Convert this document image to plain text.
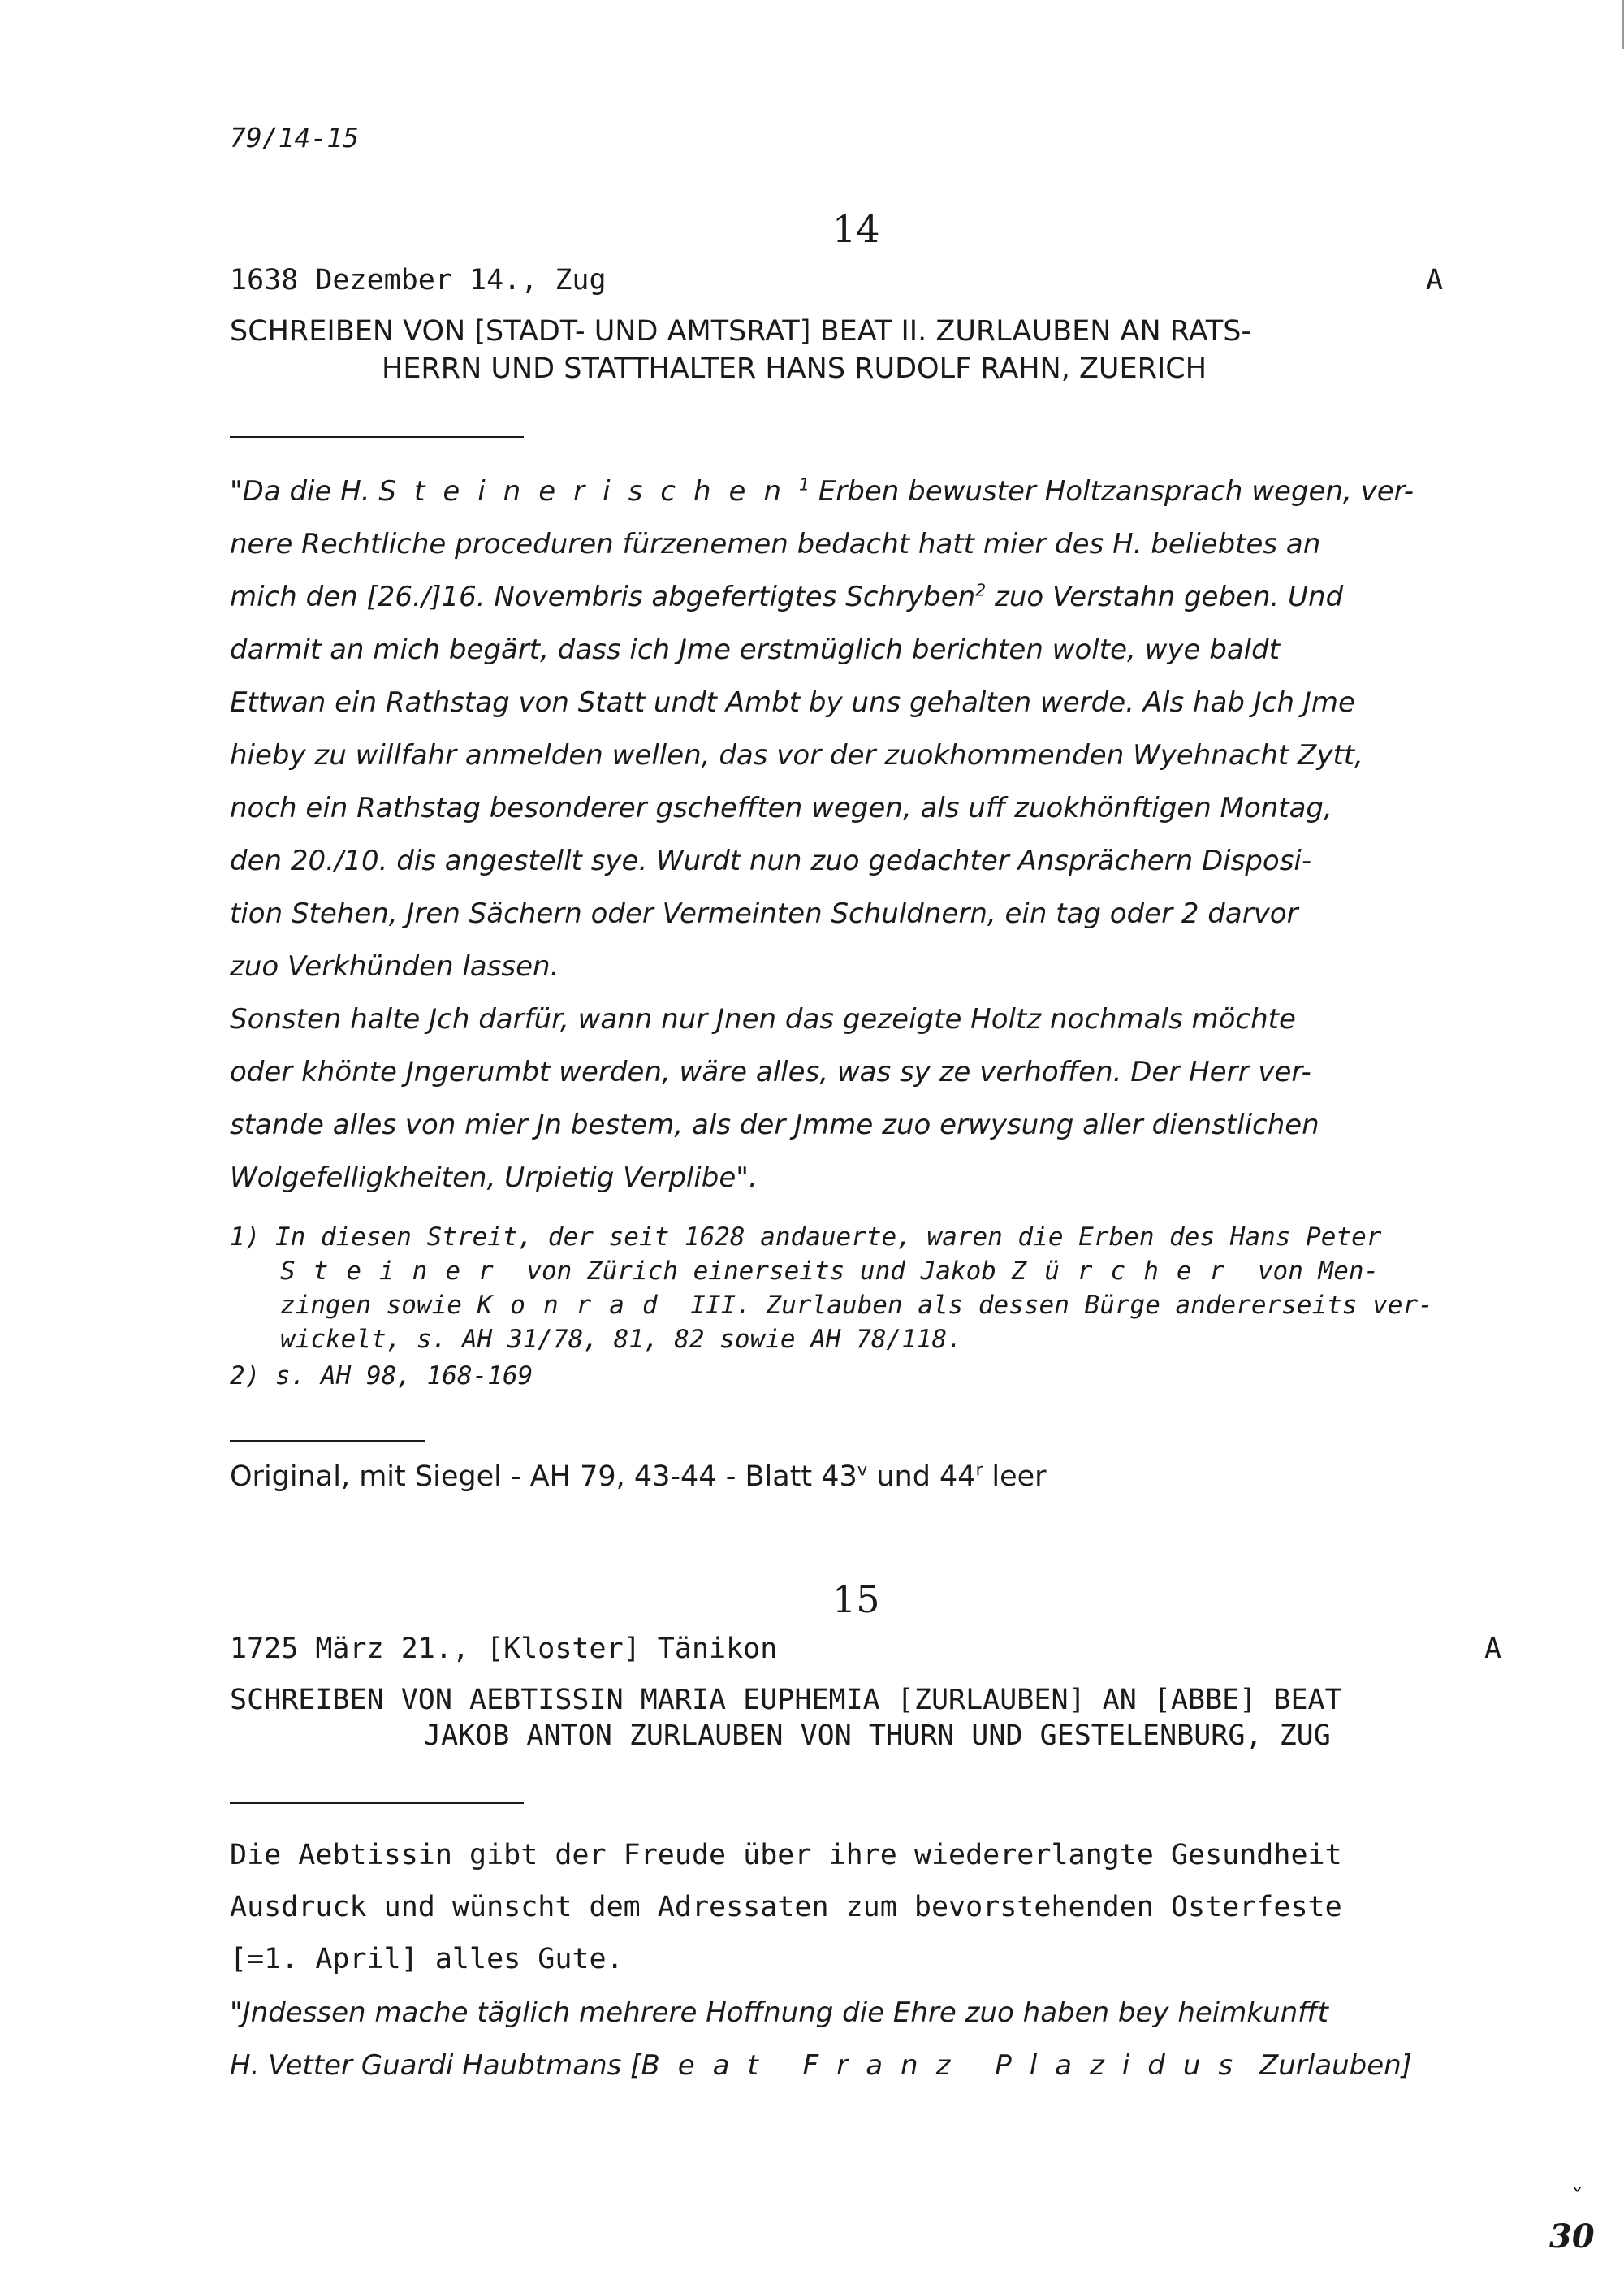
79/14-15
14
1638 Dezember 14., Zug	A
SCHREIBEN VON [STADT- UND AMTSRAT] BEAT II. ZURLAUBEN AN RATS-
HERRN UND STATTHALTER HANS RUDOLF RAHN, ZUERICH
"Da die H. Steinerischen$^1$ Erben bewuster Holtzansprach wegen, ver-
nere Rechtliche proceduren fürzenemen bedacht hatt mier des H. beliebtes an
mich den [26./]16. Novembris abgefertigtes Schryben$^2$ zuo Verstahn geben. Und
darmit an mich begärt, dass ich Jme erstmüglich berichten wolte, wye baldt
Ettwan ein Rathstag von Statt undt Ambt by uns gehalten werde. Als hab Jch Jme
hieby zu willfahr anmelden wellen, das vor der zuokhommenden Wyehnacht Zytt,
noch ein Rathstag besonderer gschefften wegen, als uff zuokhönftigen Montag,
den 20./10. dis angestellt sye. Wurdt nun zuo gedachter Ansprächern Disposi-
tion Stehen, Jren Sächern oder Vermeinten Schuldnern, ein tag oder 2 darvor
zuo Verkhünden lassen.
Sonsten halte Jch darfür, wann nur Jnen das gezeigte Holtz nochmals möchte
oder khönte Jngerumbt werden, wäre alles, was sy ze verhoffen. Der Herr ver-
stande alles von mier Jn bestem, als der Jmme zuo erwysung aller dienstlichen
Wolgefelligkheiten, Urpietig Verplibe".
1) In diesen Streit, der seit 1628 andauerte, waren die Erben des Hans Peter
Steiner von Zürich einerseits und Jakob Zürcher von Men-
zingen sowie Konrad III. Zurlauben als dessen Bürge andererseits ver-
wickelt, s. AH 31/78, 81, 82 sowie AH 78/118.
2) s. AH 98, 168-169
Original, mit Siegel - AH 79, 43-44 - Blatt 43$^v$ und 44$^r$ leer
15
1725 März 21., [Kloster] Tänikon	A
SCHREIBEN VON AEBTISSIN MARIA EUPHEMIA [ZURLAUBEN] AN [ABBE] BEAT
JAKOB ANTON ZURLAUBEN VON THURN UND GESTELENBURG, ZUG
Die Aebtissin gibt der Freude über ihre wiedererlangte Gesundheit
Ausdruck und wünscht dem Adressaten zum bevorstehenden Osterfeste
[=1. April] alles Gute.
"Jndessen mache täglich mehrere Hoffnung die Ehre zuo haben bey heimkunfft
H. Vetter Guardi Haubtmans [Beat Franz Plazidus Zurlauben]
ˇ
30
